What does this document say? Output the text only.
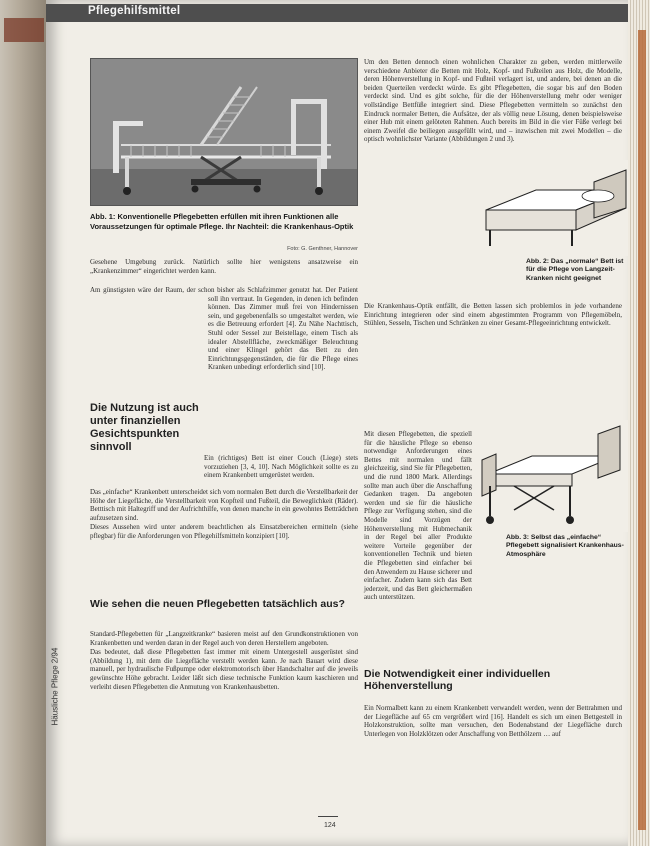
Pflegehilfsmittel
Häusliche Pflege 2/94
Abb. 1: Konventionelle Pflegebetten erfüllen mit ihren Funktionen alle Voraussetzungen für optimale Pflege. Ihr Nachteil: die Krankenhaus-Optik
Foto: G. Genthner, Hannover

Gesehene Umgebung zurück. Natürlich sollte hier wenigstens ansatzweise ein „Krankenzimmer“ eingerichtet werden kann.

Am günstigsten wäre der Raum, der schon bisher als Schlafzimmer genutzt hat. Der Patient soll ihn vertraut. In Gegenden, in denen ich befinden können. Das Zimmer muß frei von Hindernissen sein, und gegebenenfalls so umgestaltet werden, wie es die Betreuung erfordert [4]. Zu Nähe Nachttisch, Stuhl oder Sessel zur Beistellage, einem Tisch als idealer Abstellfläche, zweckmäßiger Beleuchtung und einer Klingel gehört das Bett zu den Einrichtungsgegenständen, die für die Pflege eines Kranken unbedingt erforderlich sind [10].

Die Nutzung ist auch unter finanziellen Gesichtspunkten sinnvoll

Ein (richtiges) Bett ist einer Couch (Liege) stets vorzuziehen [3, 4, 10]. Nach Möglichkeit sollte es zu einem Krankenbett umgerüstet werden.

Das „einfache“ Krankenbett unterscheidet sich vom normalen Bett durch die Verstellbarkeit der Höhe der Liegefläche, die Verstellbarkeit von Kopfteil und Fußteil, die Beweglichkeit (Räder). Betttisch mit Haltegriff und der Aufrichthilfe, von denen manche in ein gewohntes Betträdchen aufzusetzen sind.

Dieses Aussehen wird unter anderem beachtlichen als Einsatzbereichen ermitteln (siehe pflegbar) für die Anforderungen von Pflegehilfsmitteln konzipiert [10].

Wie sehen die neuen Pflegebetten tatsächlich aus?

Standard-Pflegebetten für „Langzeitkranke“ basieren meist auf den Grundkonstruktionen von Krankenbetten und werden daran in der Regel auch von deren Herstellern angeboten.

Das bedeutet, daß diese Pflegebetten fast immer mit einem Untergestell ausgerüstet sind (Abbildung 1), mit dem die Liegefläche verstellt werden kann. Je nach Bauart wird diese manuell, per hydraulische Fußpumpe oder elektromotorisch über Handschalter auf die jeweils gewünschte Höhe gebracht. Leider läßt sich diese technische Funktion kaum kaschieren und verleiht diesen Pflegebetten die Anmutung von Krankenhausbetten.

Um den Betten dennoch einen wohnlichen Charakter zu geben, werden mittlerweile verschiedene Anbieter die Betten mit Holz, Kopf- und Fußteilen aus Holz, die Modelle, deren Höhenverstellung in Kopf- und Fußteil verlagert ist, und andere, bei denen an die beiden Querteilen verdeckt würde. Es gibt Pflegebetten, die sogar bis auf den Boden verdeckt sind. Und es gibt solche, für die der Höhenverstellung mehr oder weniger vollständige Bettfüße integriert sind. Diese Pflegebetten vermitteln so zunächst den Eindruck normaler Betten, die Aufsätze, der als völlig neue Lösung, denen beispielsweise einer Hub mit einem gelöteten Rahmen. Auch bereits im Bild in die vier Füße verlegt bei einem Zweifel die beiliegen ausgefüllt wird, und – inzwischen mit zwei Modellen – die optisch wohnlichster Variante (Abbildungen 2 und 3).

Abb. 2: Das „normale“ Bett ist für die Pflege von Langzeit-Kranken nicht geeignet

Die Krankenhaus-Optik entfällt, die Betten lassen sich problemlos in jede vorhandene Einrichtung integrieren oder sind einem abgestimmten Programm von Pflegemöbeln, Stühlen, Sesseln, Tischen und Schränken zu einer Gesamt-Pflegeeinrichtung entwickelt.

Abb. 3: Selbst das „einfache“ Pflegebett signalisiert Krankenhaus-Atmosphäre

Mit diesen Pflegebetten, die speziell für die häusliche Pflege so ebenso notwendige Anforderungen eines Bettes mit normalen und fällt gleichzeitig, sind Sie für Pflegebetten, und die rund 1800 Mark. Allerdings sollte man auch über die Anschaffung Gedanken tragen. Da angeboten werden und sie für die häusliche Pflege zur Verfügung stehen, sind die Modelle sind Vorzügen der Höhenverstellung mit Hubmechanik in der Regel bei aller Produkte weitere Vorteile gegenüber der konventionellen Technik und bieten die Pflegebetten sind einfacher bei den Anwendern zu Hause sicherer und einfacher. Zudem kann sich das Bett jederzeit, und das Bett gleichermaßen auch unterstützen.

Die Notwendigkeit einer individuellen Höhenverstellung

Ein Normalbett kann zu einem Krankenbett verwandelt werden, wenn der Bettrahmen und der Liegefläche auf 65 cm vergrößert wird [16]. Handelt es sich um einen Bettgestell in Holzkonstruktion, sollte man versuchen, den Bodenabstand der Liegefläche durch Unterlegen von Holzklötzen oder Anschaffung von Betthölzern … auf

124
